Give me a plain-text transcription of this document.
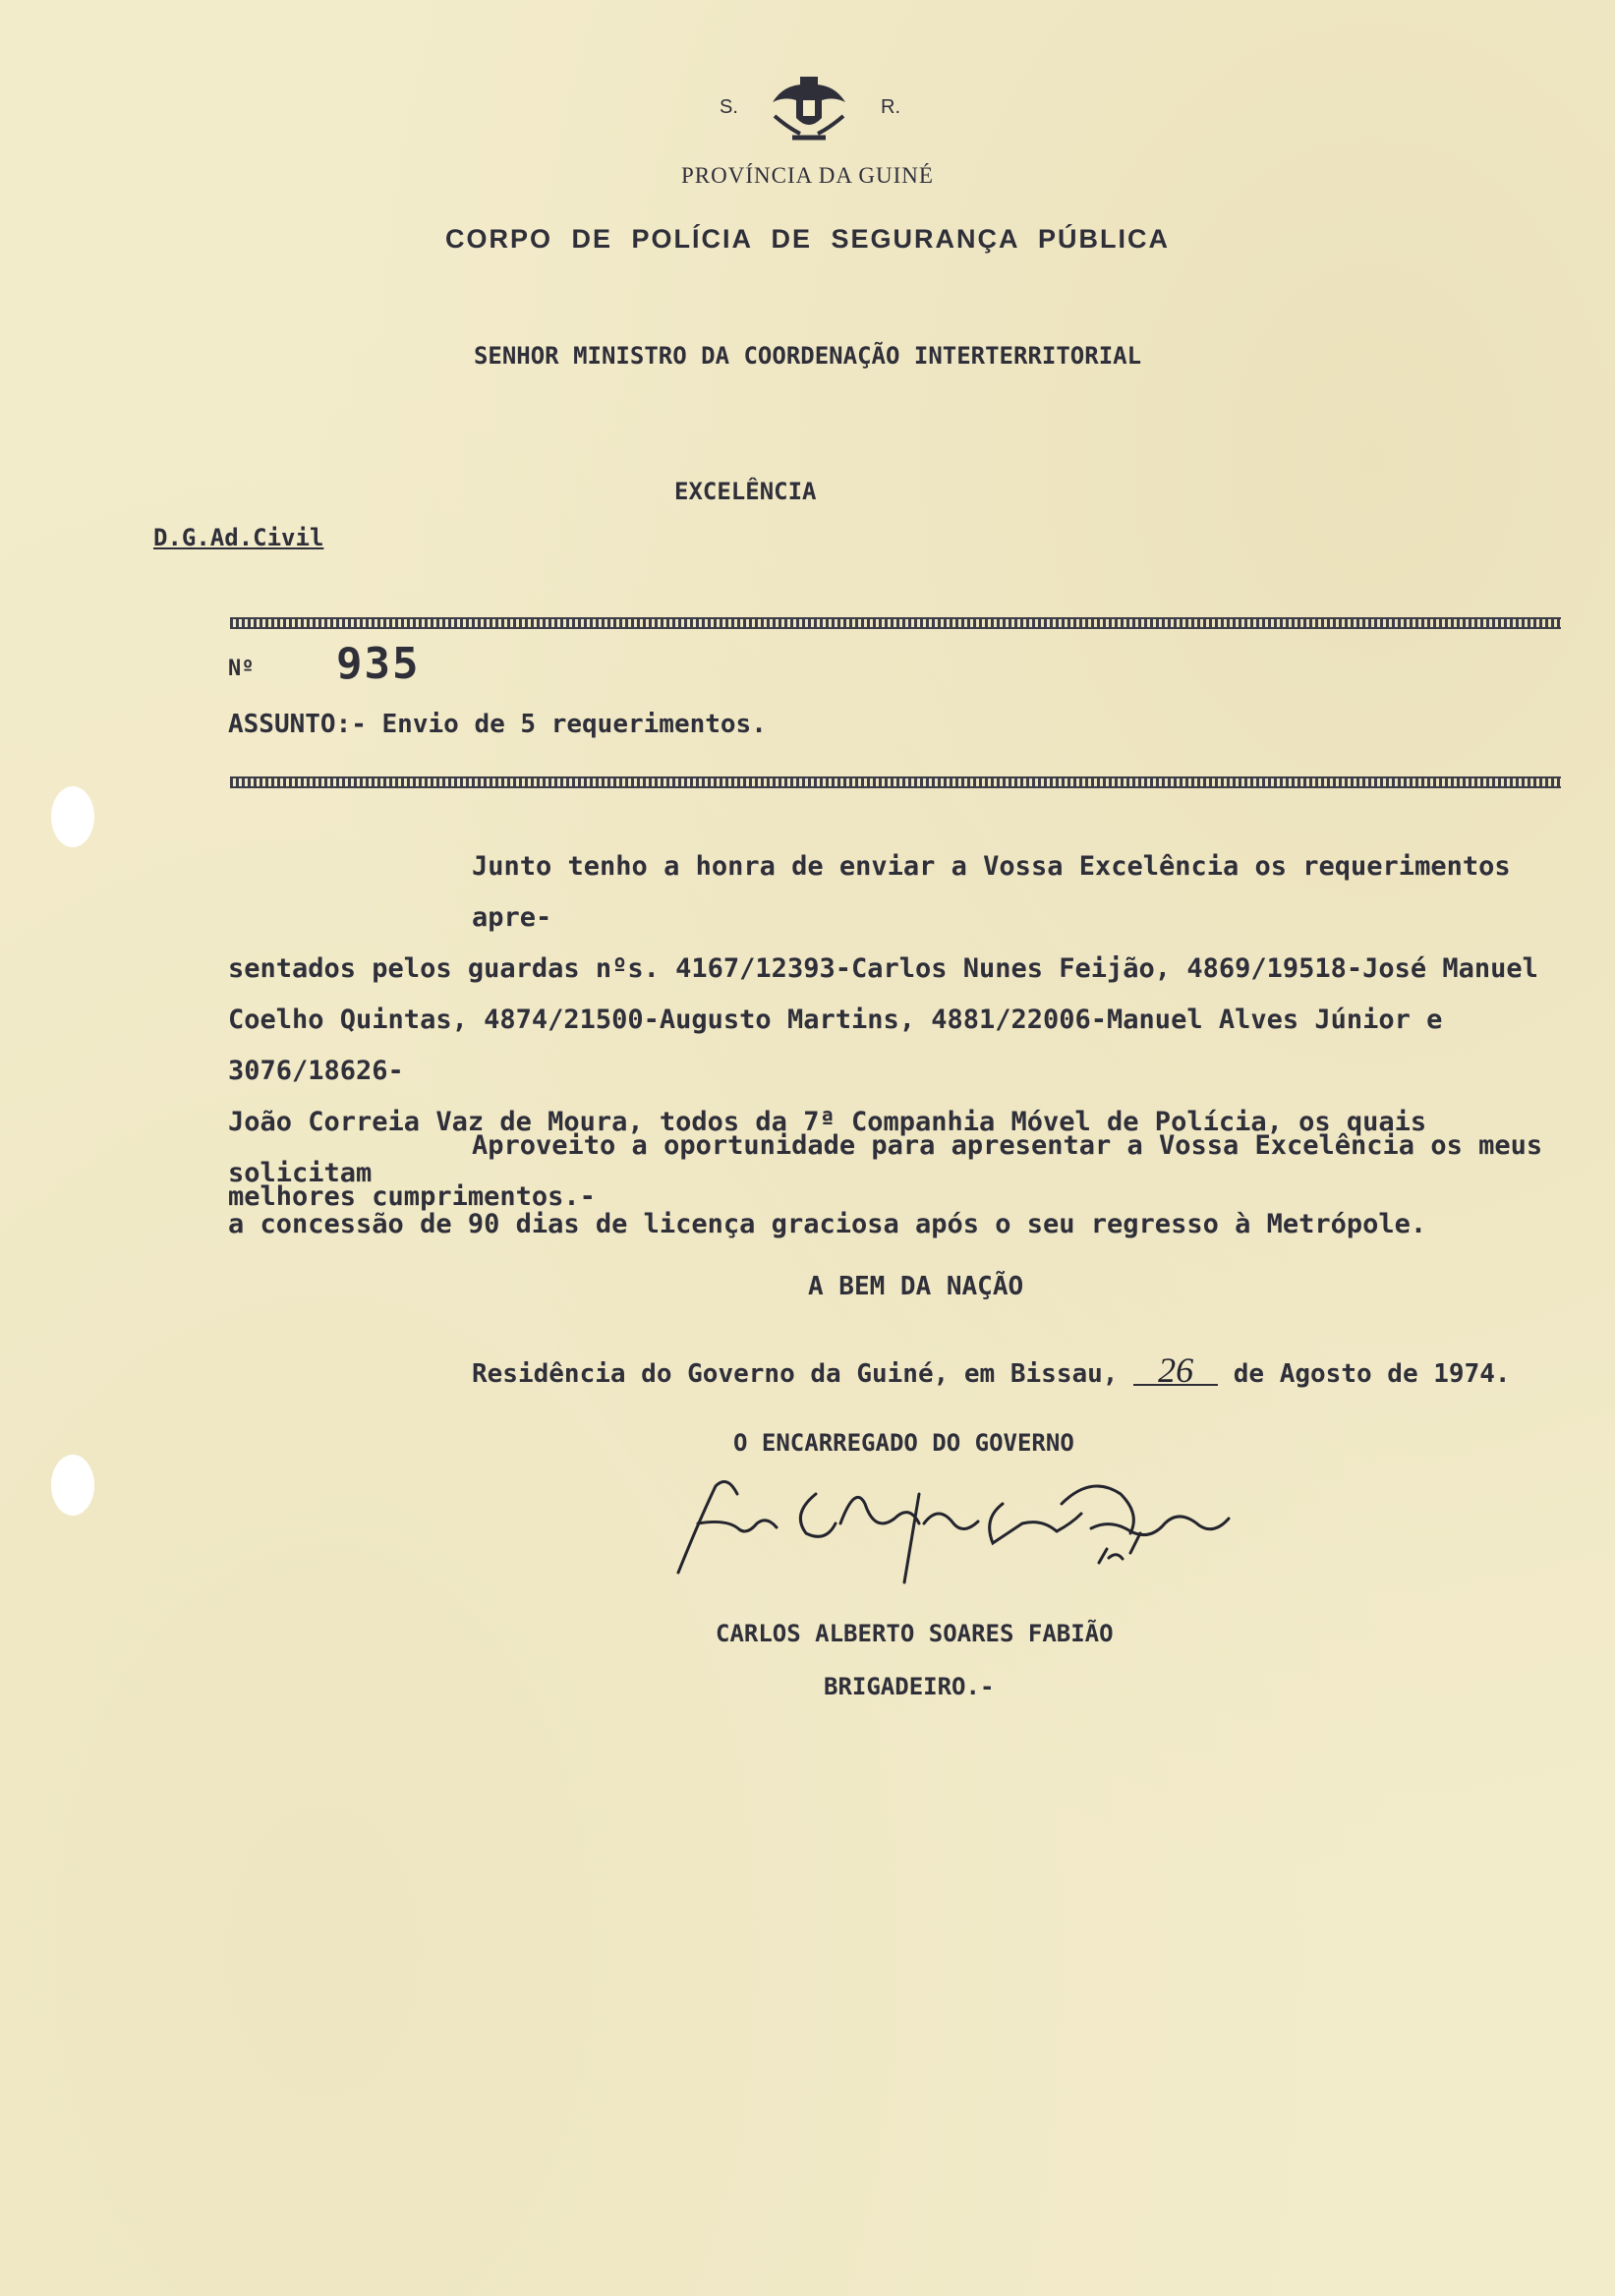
S.	R.
PROVÍNCIA DA GUINÉ
CORPO DE POLÍCIA DE SEGURANÇA PÚBLICA
SENHOR MINISTRO DA COORDENAÇÃO INTERTERRITORIAL
EXCELÊNCIA
D.G.Ad.Civil
Nº 935
ASSUNTO:- Envio de 5 requerimentos.
Junto tenho a honra de enviar a Vossa Excelência os requerimentos apre-
sentados pelos guardas nºs. 4167/12393-Carlos Nunes Feijão, 4869/19518-José Manuel
Coelho Quintas, 4874/21500-Augusto Martins, 4881/22006-Manuel Alves Júnior e 3076/18626-
João Correia Vaz de Moura, todos da 7ª Companhia Móvel de Polícia, os quais solicitam
a concessão de 90 dias de licença graciosa após o seu regresso à Metrópole.
Aproveito a oportunidade para apresentar a Vossa Excelência os meus
melhores cumprimentos.-
A BEM DA NAÇÃO
Residência do Governo da Guiné, em Bissau, 26 de Agosto de 1974.
O ENCARREGADO DO GOVERNO
CARLOS ALBERTO SOARES FABIÃO
BRIGADEIRO.-
